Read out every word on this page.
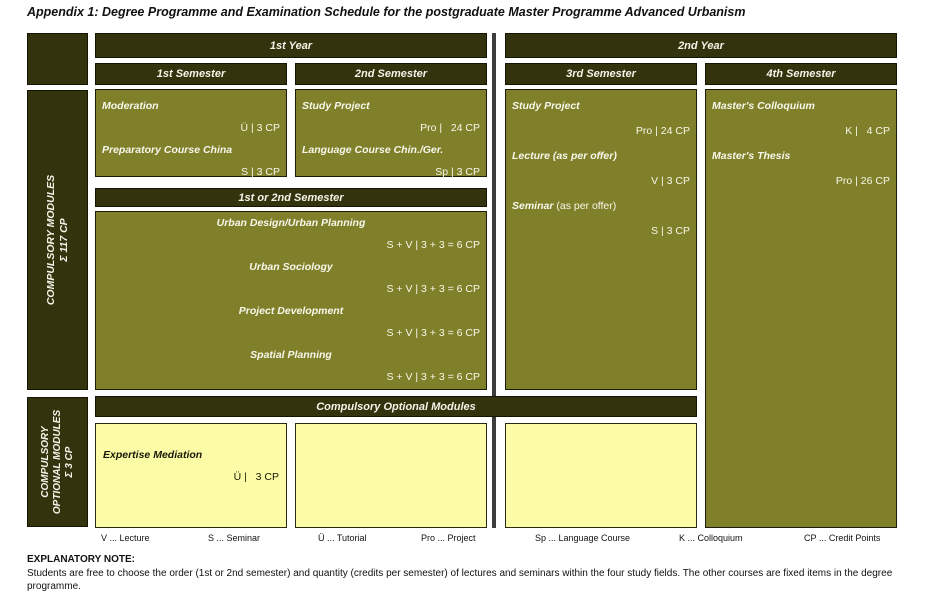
Appendix 1: Degree Programme and Examination Schedule for the postgraduate Master Programme Advanced Urbanism
1st Year	2nd Year
1st Semester	2nd Semester	3rd Semester	4th Semester
COMPULSORY MODULES Σ 117 CP
COMPULSORY OPTIONAL MODULES Σ 3 CP
Moderation
Ü | 3 CP
Preparatory Course China
S | 3 CP
Study Project
Pro |   24 CP
Language Course Chin./Ger.
Sp | 3 CP
Study Project
Pro | 24 CP
Lecture (as per offer)
V | 3 CP
Seminar (as per offer)
S | 3 CP
Master's Colloquium
K |   4 CP
Master's Thesis
Pro | 26 CP
1st or 2nd Semester
Urban Design/Urban Planning
S + V | 3 + 3 = 6 CP
Urban Sociology
S + V | 3 + 3 = 6 CP
Project Development
S + V | 3 + 3 = 6 CP
Spatial Planning
S + V | 3 + 3 = 6 CP
Compulsory Optional Modules
Expertise Mediation
Ü |   3 CP
V ... Lecture	S ... Seminar	Ü ... Tutorial	Pro ... Project	Sp ... Language Course	K ... Colloquium	CP ... Credit Points
EXPLANATORY NOTE:
Students are free to choose the order (1st or 2nd semester) and quantity (credits per semester) of lectures and seminars within the four study fields. The other courses are fixed items in the degree programme.
